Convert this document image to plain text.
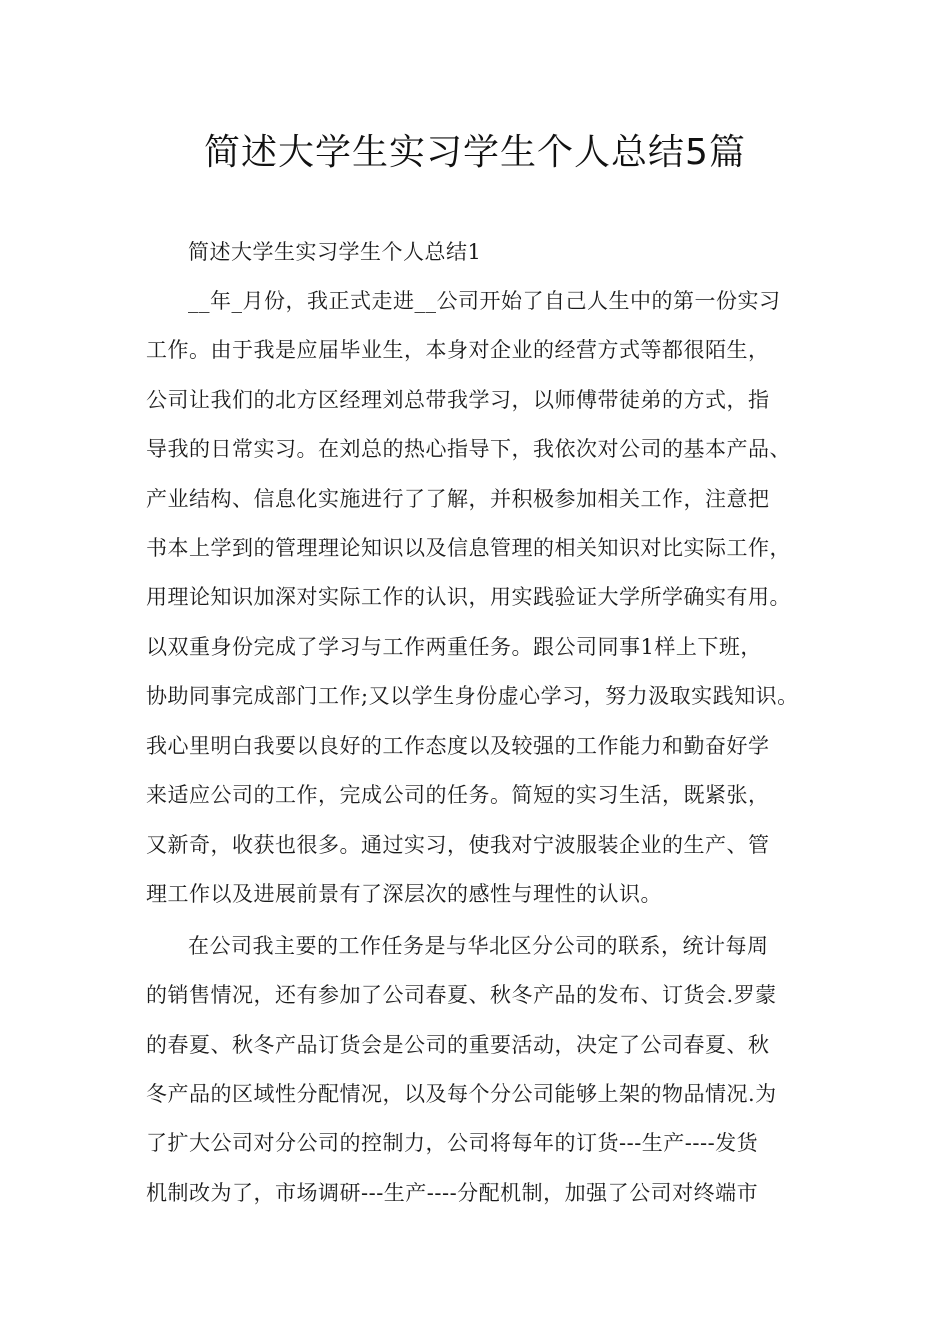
简述大学生实习学生个人总结5篇
简述大学生实习学生个人总结1
__年_月份，我正式走进__公司开始了自己人生中的第一份实习
工作。由于我是应届毕业生，本身对企业的经营方式等都很陌生，
公司让我们的北方区经理刘总带我学习，以师傅带徒弟的方式，指
导我的日常实习。在刘总的热心指导下，我依次对公司的基本产品、
产业结构、信息化实施进行了了解，并积极参加相关工作，注意把
书本上学到的管理理论知识以及信息管理的相关知识对比实际工作，
用理论知识加深对实际工作的认识，用实践验证大学所学确实有用。
以双重身份完成了学习与工作两重任务。跟公司同事1样上下班，
协助同事完成部门工作;又以学生身份虚心学习，努力汲取实践知识。
我心里明白我要以良好的工作态度以及较强的工作能力和勤奋好学
来适应公司的工作，完成公司的任务。简短的实习生活，既紧张，
又新奇，收获也很多。通过实习，使我对宁波服装企业的生产、管
理工作以及进展前景有了深层次的感性与理性的认识。
在公司我主要的工作任务是与华北区分公司的联系，统计每周
的销售情况，还有参加了公司春夏、秋冬产品的发布、订货会.罗蒙
的春夏、秋冬产品订货会是公司的重要活动，决定了公司春夏、秋
冬产品的区域性分配情况，以及每个分公司能够上架的物品情况.为
了扩大公司对分公司的控制力，公司将每年的订货---生产----发货
机制改为了，市场调研---生产----分配机制，加强了公司对终端市
